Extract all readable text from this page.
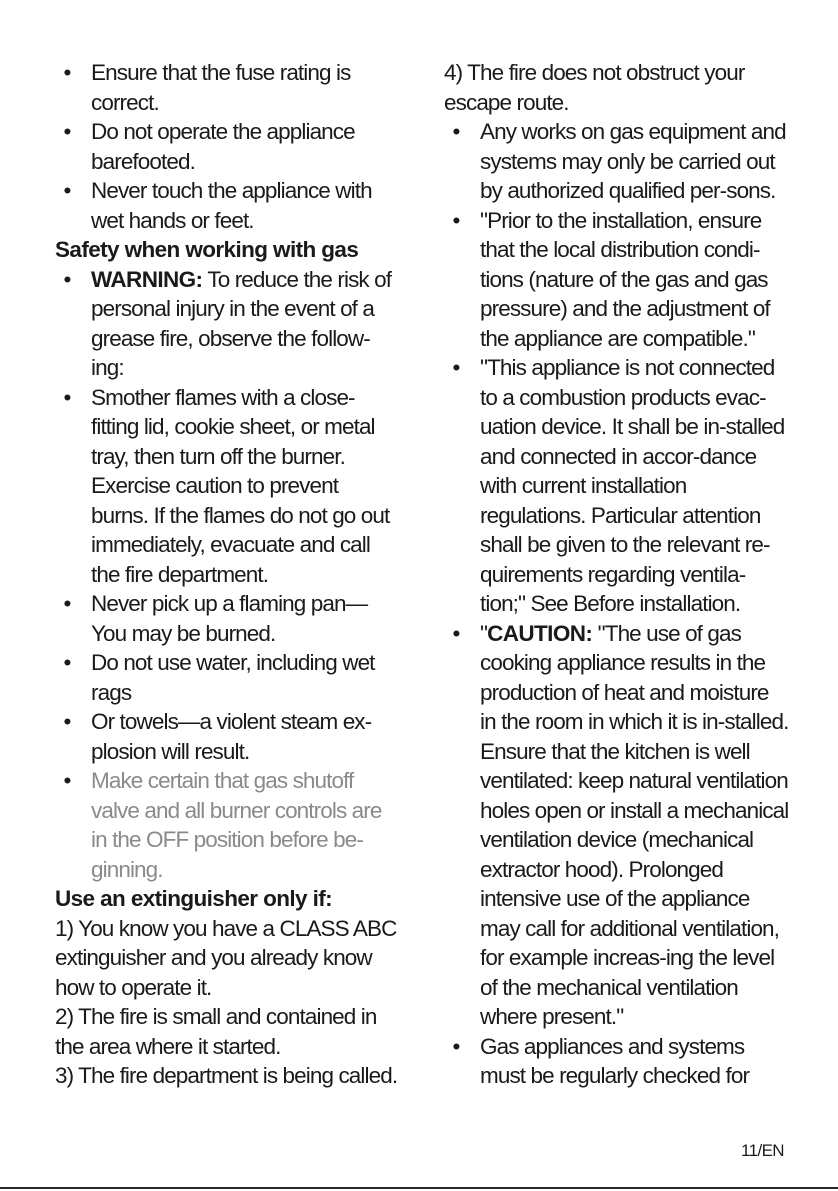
• Ensure that the fuse rating is correct.
• Do not operate the appliance barefooted.
• Never touch the appliance with wet hands or feet.
Safety when working with gas
• WARNING: To reduce the risk of personal injury in the event of a grease fire, observe the follow-ing:
• Smother flames with a close-fitting lid, cookie sheet, or metal tray, then turn off the burner. Exercise caution to prevent burns. If the flames do not go out immediately, evacuate and call the fire department.
• Never pick up a flaming pan—You may be burned.
• Do not use water, including wet rags
• Or towels—a violent steam ex-plosion will result.
• Make certain that gas shutoff valve and all burner controls are in the OFF position before be-ginning.
Use an extinguisher only if:
1) You know you have a CLASS ABC extinguisher and you already know how to operate it.
2) The fire is small and contained in the area where it started.
3) The fire department is being called.
4) The fire does not obstruct your escape route.
• Any works on gas equipment and systems may only be carried out by authorized qualified per-sons.
• "Prior to the installation, ensure that the local distribution condi-tions (nature of the gas and gas pressure) and the adjustment of the appliance are compatible."
• "This appliance is not connected to a combustion products evac-uation device. It shall be in-stalled and connected in accor-dance with current installation regulations. Particular attention shall be given to the relevant re-quirements regarding ventila-tion;" See Before installation.
• "CAUTION: "The use of gas cooking appliance results in the production of heat and moisture in the room in which it is in-stalled. Ensure that the kitchen is well ventilated: keep natural ventilation holes open or install a mechanical ventilation device (mechanical extractor hood). Prolonged intensive use of the appliance may call for additional ventilation, for example increas-ing the level of the mechanical ventilation where present."
• Gas appliances and systems must be regularly checked for
11/EN
